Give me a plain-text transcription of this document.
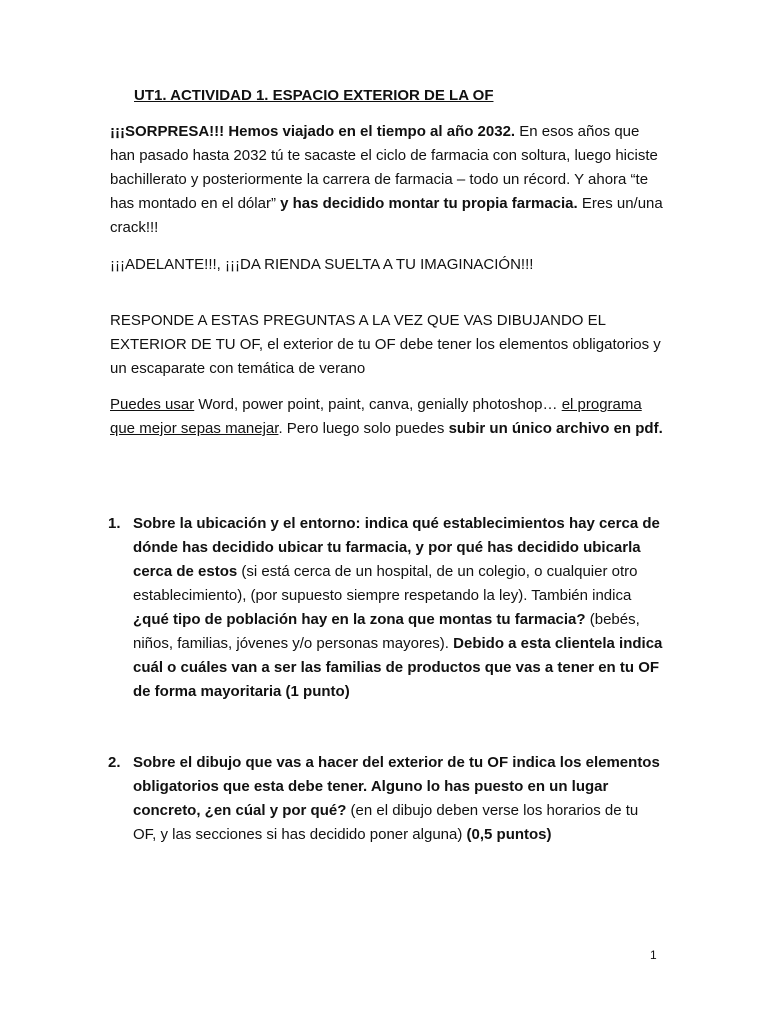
UT1. ACTIVIDAD 1. ESPACIO EXTERIOR DE LA OF

¡¡¡SORPRESA!!! Hemos viajado en el tiempo al año 2032. En esos años que han pasado hasta 2032 tú te sacaste el ciclo de farmacia con soltura, luego hiciste bachillerato y posteriormente la carrera de farmacia – todo un récord. Y ahora “te has montado en el dólar” y has decidido montar tu propia farmacia. Eres un/una crack!!!

¡¡¡ADELANTE!!!, ¡¡¡DA RIENDA SUELTA A TU IMAGINACIÓN!!!

RESPONDE A ESTAS PREGUNTAS A LA VEZ QUE VAS DIBUJANDO EL EXTERIOR DE TU OF, el exterior de tu OF debe tener los elementos obligatorios y un escaparate con temática de verano

Puedes usar Word, power point, paint, canva, genially photoshop… el programa que mejor sepas manejar. Pero luego solo puedes subir un único archivo en pdf.

1. Sobre la ubicación y el entorno: indica qué establecimientos hay cerca de dónde has decidido ubicar tu farmacia, y por qué has decidido ubicarla cerca de estos (si está cerca de un hospital, de un colegio, o cualquier otro establecimiento), (por supuesto siempre respetando la ley). También indica ¿qué tipo de población hay en la zona que montas tu farmacia? (bebés, niños, familias, jóvenes y/o personas mayores). Debido a esta clientela indica cuál o cuáles van a ser las familias de productos que vas a tener en tu OF de forma mayoritaria (1 punto)
2. Sobre el dibujo que vas a hacer del exterior de tu OF indica los elementos obligatorios que esta debe tener. Alguno lo has puesto en un lugar concreto, ¿en cúal y por qué? (en el dibujo deben verse los horarios de tu OF, y las secciones si has decidido poner alguna) (0,5 puntos)
1
